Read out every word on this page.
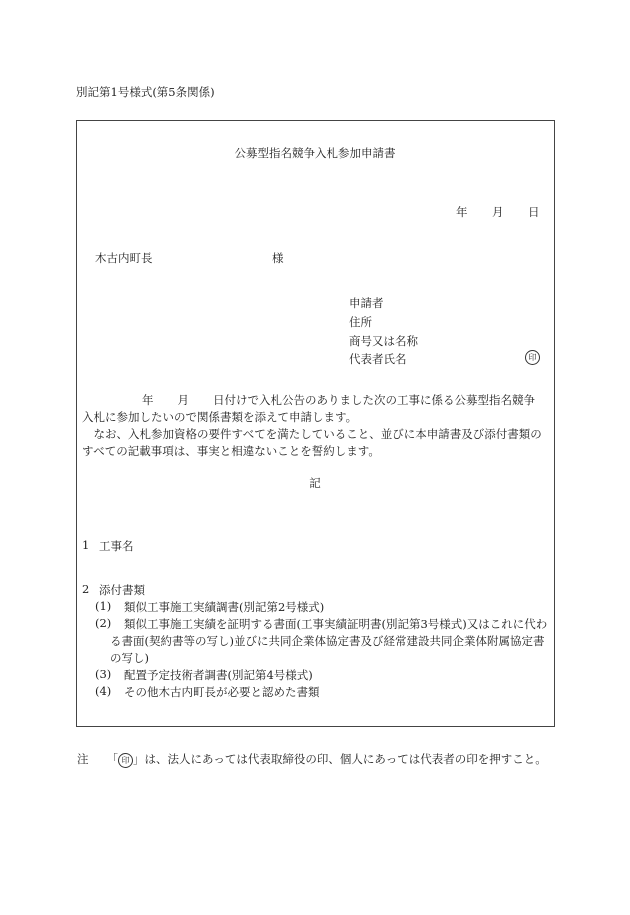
別記第1号様式(第5条関係)
公募型指名競争入札参加申請書
年 月 日
木古内町長	様
申請者
住所
商号又は名称
代表者氏名	印

年 月 日付けで入札公告のありました次の工事に係る公募型指名競争

入札に参加したいので関係書類を添えて申請します。

なお、入札参加資格の要件すべてを満たしていること、並びに本申請書及び添付書類のすべての記載事項は、事実と相違ないことを誓約します。

記
1 工事名
2 添付書類
(1) 類似工事施工実績調書(別記第2号様式)
(2)	類似工事施工実績を証明する書面(工事実績証明書(別記第3号様式)又はこれに代わる書面(契約書等の写し)並びに共同企業体協定書及び経常建設共同企業体附属協定書の写し)
(3) 配置予定技術者調書(別記第4号様式)
(4) その他木古内町長が必要と認めた書類
注 「 印 」は、法人にあっては代表取締役の印、個人にあっては代表者の印を押すこと。
